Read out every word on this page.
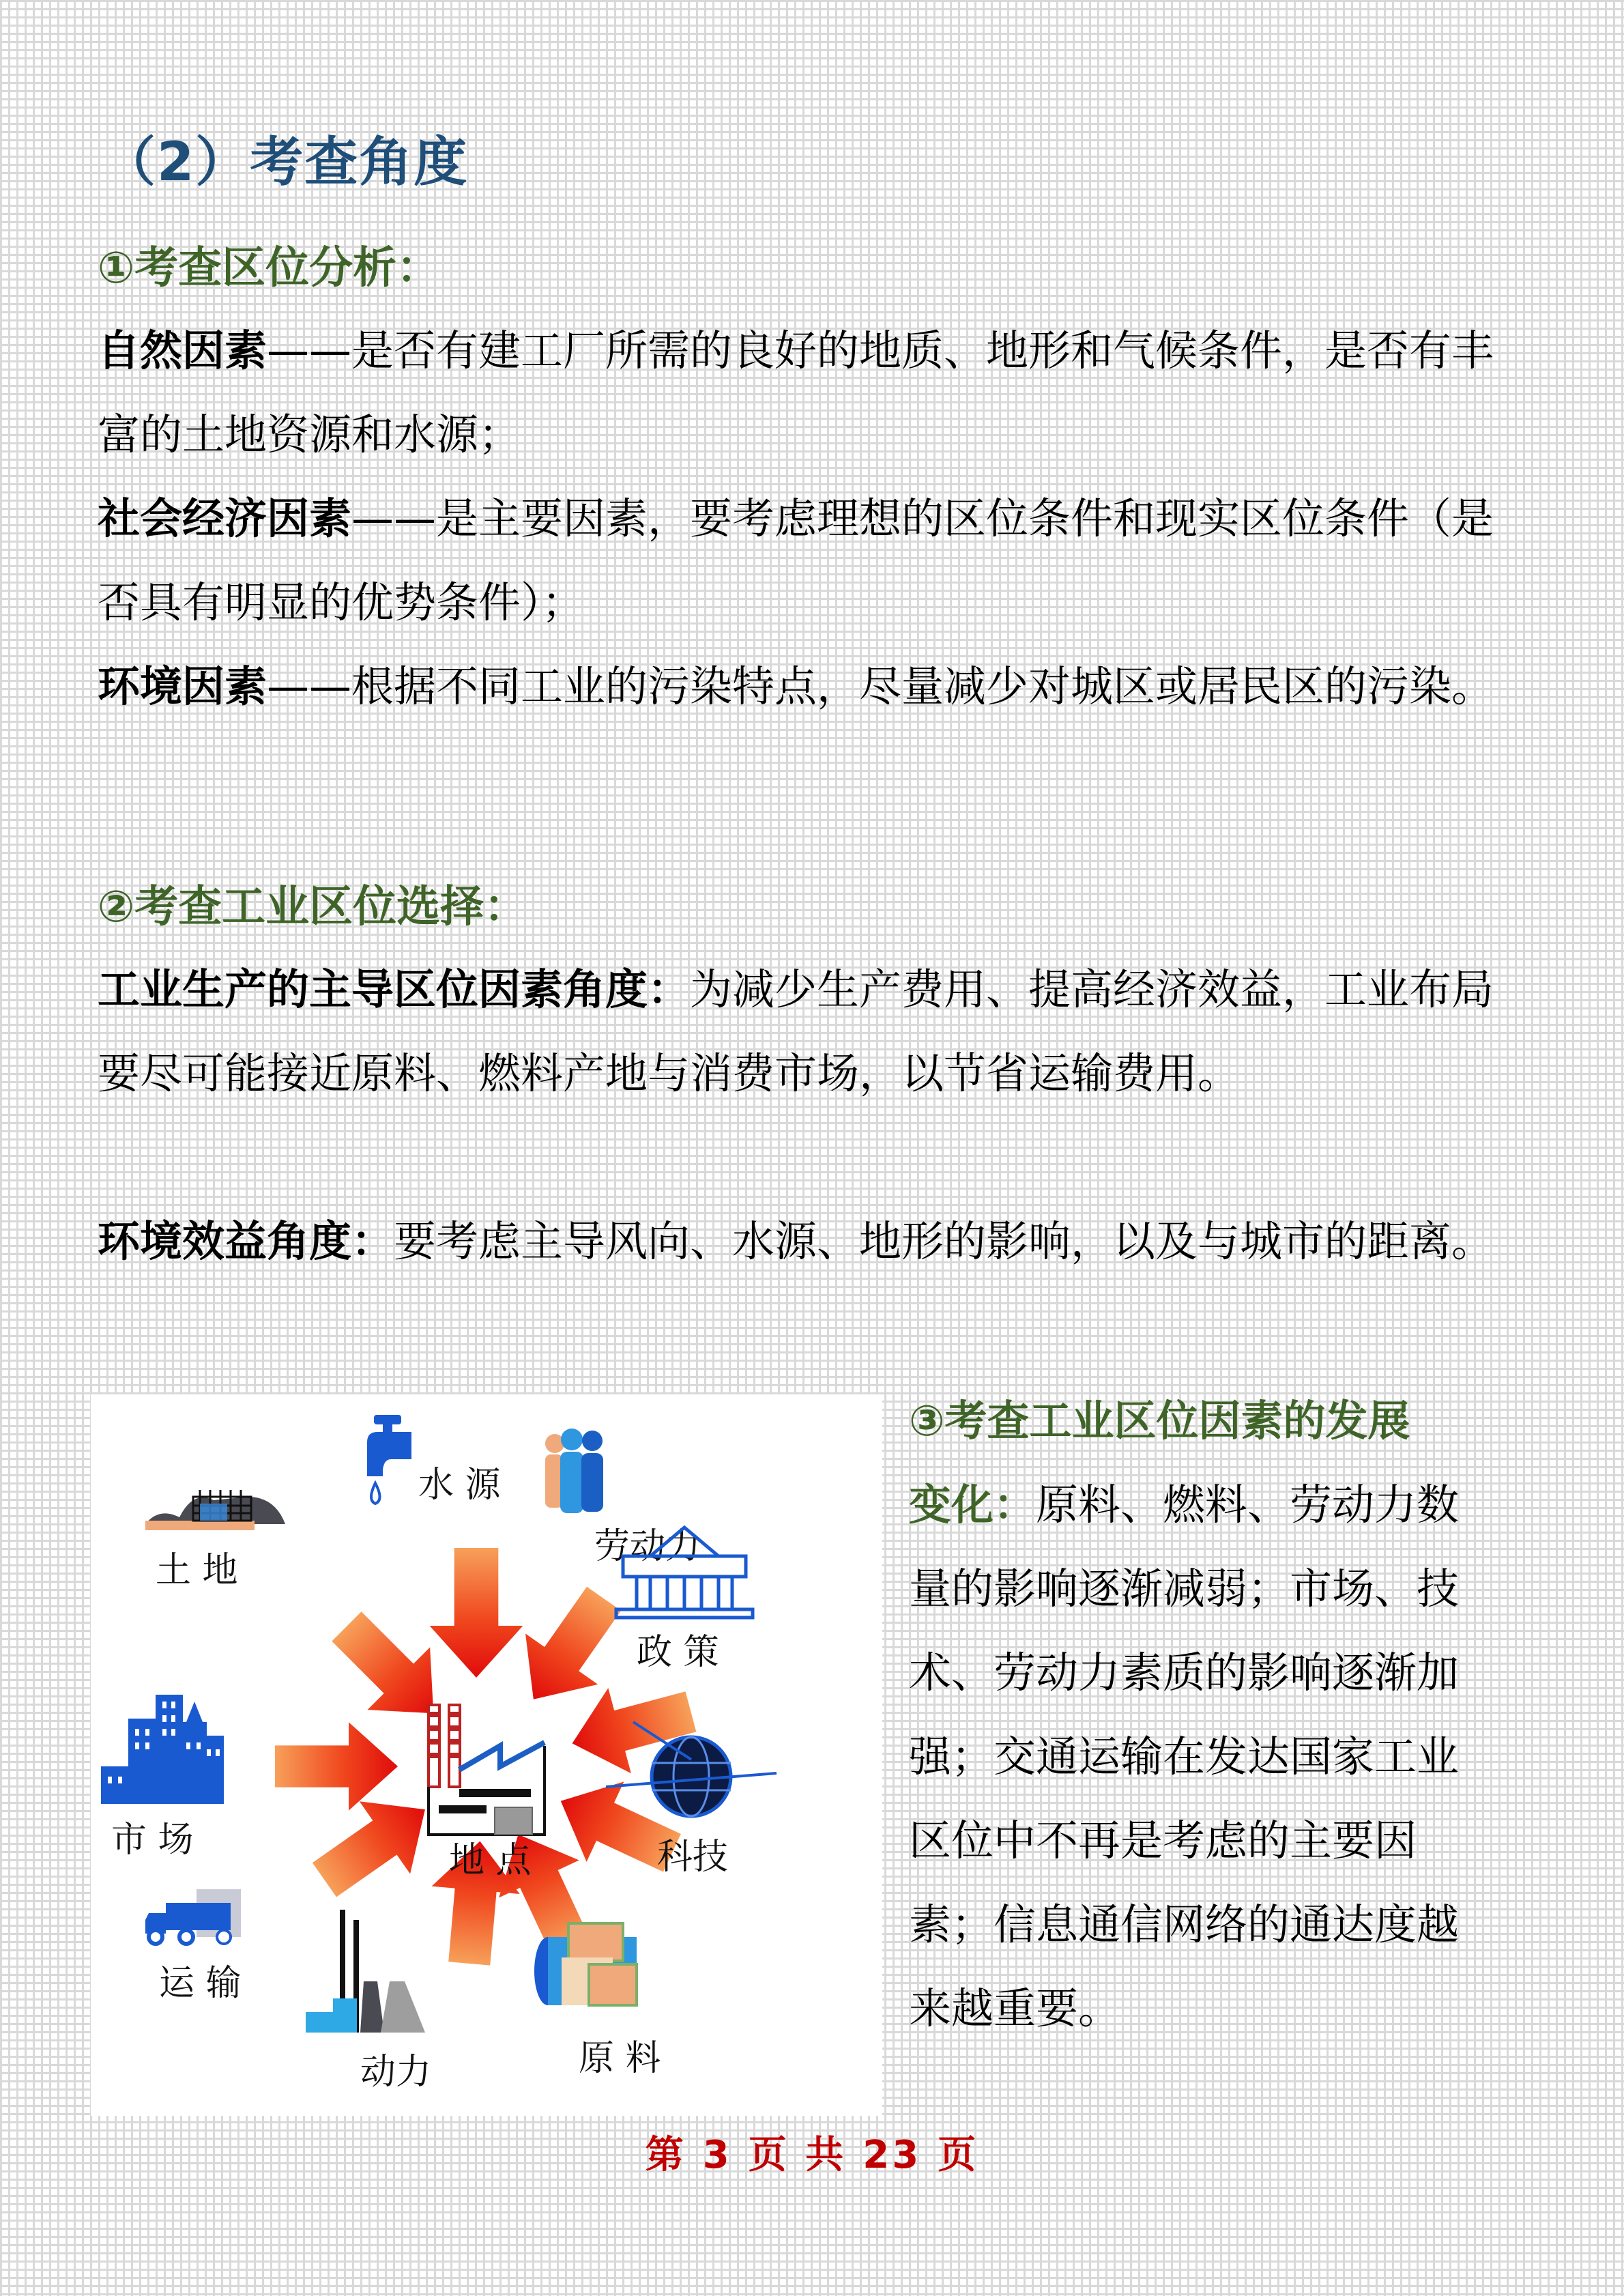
（2）考查角度
①考查区位分析：
自然因素——是否有建工厂所需的良好的地质、地形和气候条件，是否有丰富的土地资源和水源；
社会经济因素——是主要因素，要考虑理想的区位条件和现实区位条件（是否具有明显的优势条件）；
环境因素——根据不同工业的污染特点，尽量减少对城区或居民区的污染。
②考查工业区位选择：
工业生产的主导区位因素角度：为减少生产费用、提高经济效益，工业布局要尽可能接近原料、燃料产地与消费市场，以节省运输费用。
环境效益角度：要考虑主导风向、水源、地形的影响，以及与城市的距离。
地 点
水 源
土 地
劳动力
政 策
科技
原 料
动力
运 输
市 场
③考查工业区位因素的发展
变化：原料、燃料、劳动力数
量的影响逐渐减弱；市场、技
术、劳动力素质的影响逐渐加
强；交通运输在发达国家工业
区位中不再是考虑的主要因
素；信息通信网络的通达度越
来越重要。
第 3 页 共 23 页
